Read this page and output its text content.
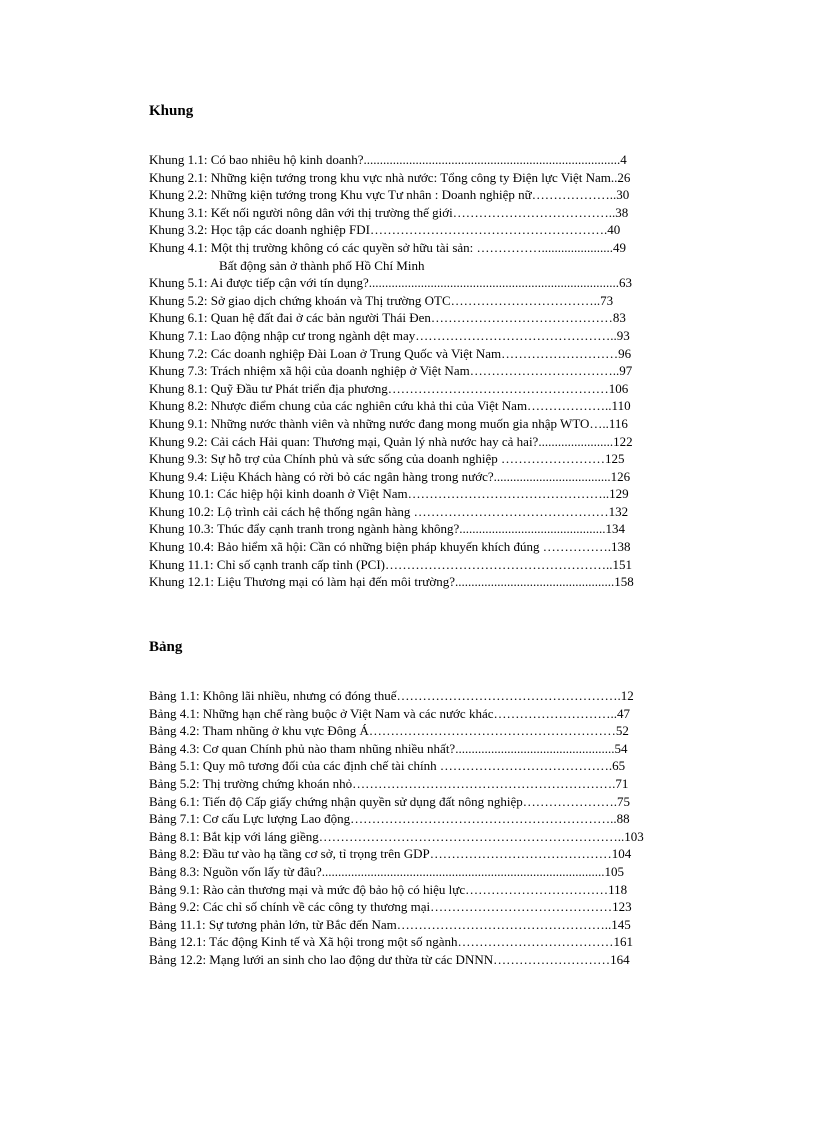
Khung
Khung 1.1: Có bao nhiêu hộ kinh doanh?...............................................................................4
Khung 2.1: Những kiện tướng trong khu vực nhà nước: Tổng công ty Điện lực Việt Nam..26
Khung 2.2: Những kiện tướng trong Khu vực Tư nhân : Doanh nghiệp nữ………………..30
Khung 3.1: Kết nối người nông dân với thị trường thế giới………………………………..38
Khung 3.2: Học tập các doanh nghiệp FDI……………………………………………….40
Khung 4.1: Một thị trường không có các quyền sở hữu tài sản: ……………......................49
Bất động sản ở thành phố Hồ Chí Minh
Khung 5.1: Ai được tiếp cận với tín dụng?.............................................................................63
Khung 5.2: Sở giao dịch chứng khoán và Thị trường OTC……………………………..73
Khung 6.1: Quan hệ đất đai ở các bản người Thái Đen……………………………………83
Khung 7.1: Lao động nhập cư trong ngành dệt may………………………………………..93
Khung 7.2: Các doanh nghiệp Đài Loan ở Trung Quốc và Việt Nam………………………96
Khung 7.3: Trách nhiệm xã hội của doanh nghiệp ở Việt Nam……………………………..97
Khung 8.1: Quỹ Đầu tư Phát triển địa phương……………………………………………106
Khung 8.2: Nhược điểm chung của các nghiên cứu khả thi của Việt Nam………………..110
Khung 9.1: Những nước thành viên và những nước đang mong muốn gia nhập WTO…..116
Khung 9.2: Cải cách Hải quan: Thương mại, Quản lý nhà nước hay cả hai?.......................122
Khung 9.3: Sự hỗ trợ của Chính phủ và sức sống của doanh nghiệp ……………………125
Khung 9.4: Liệu Khách hàng có rời bỏ các ngân hàng trong nước?....................................126
Khung 10.1: Các hiệp hội kinh doanh ở Việt Nam………………………………………..129
Khung 10.2: Lộ trình cải cách hệ thống ngân hàng ………………………………………132
Khung 10.3: Thúc đẩy cạnh tranh trong ngành hàng không?.............................................134
Khung 10.4: Bảo hiểm xã hội: Cần có những biện pháp khuyến khích đúng …………….138
Khung 11.1: Chỉ số cạnh tranh cấp tỉnh (PCI)……………………………………………..151
Khung 12.1: Liệu Thương mại có làm hại đến môi trường?.................................................158
Bảng
Bảng 1.1: Không lãi nhiều, nhưng có đóng thuế…………………………………………….12
Bảng 4.1: Những hạn chế ràng buộc ở Việt Nam và các nước khác………………………..47
Bảng 4.2: Tham nhũng ở khu vực Đông Á…………………………………………………52
Bảng 4.3: Cơ quan Chính phủ nào tham nhũng nhiều nhất?.................................................54
Bảng 5.1: Quy mô tương đối của các định chế tài chính ………………………………….65
Bảng 5.2: Thị trường chứng khoán nhỏ…………………………………………………….71
Bảng 6.1: Tiến độ Cấp giấy chứng nhận quyền sử dụng đất nông nghiệp………………….75
Bảng 7.1: Cơ cấu Lực lượng Lao động……………………………………………………..88
Bảng 8.1: Bắt kịp với láng giềng……………………………………………………………..103
Bảng 8.2: Đầu tư vào hạ tầng cơ sở, tỉ trọng trên GDP……………………………………104
Bảng 8.3: Nguồn vốn lấy từ đâu?.......................................................................................105
Bảng 9.1: Rào cản thương mại và mức độ bảo hộ có hiệu lực……………………………118
Bảng 9.2: Các chỉ số chính về các công ty thương mại……………………………………123
Bảng 11.1: Sự tương phản lớn, từ Bắc đến Nam…………………………………………..145
Bảng 12.1: Tác động Kinh tế và Xã hội trong một số ngành………………………………161
Bảng 12.2: Mạng lưới an sinh cho lao động dư thừa từ các DNNN………………………164
